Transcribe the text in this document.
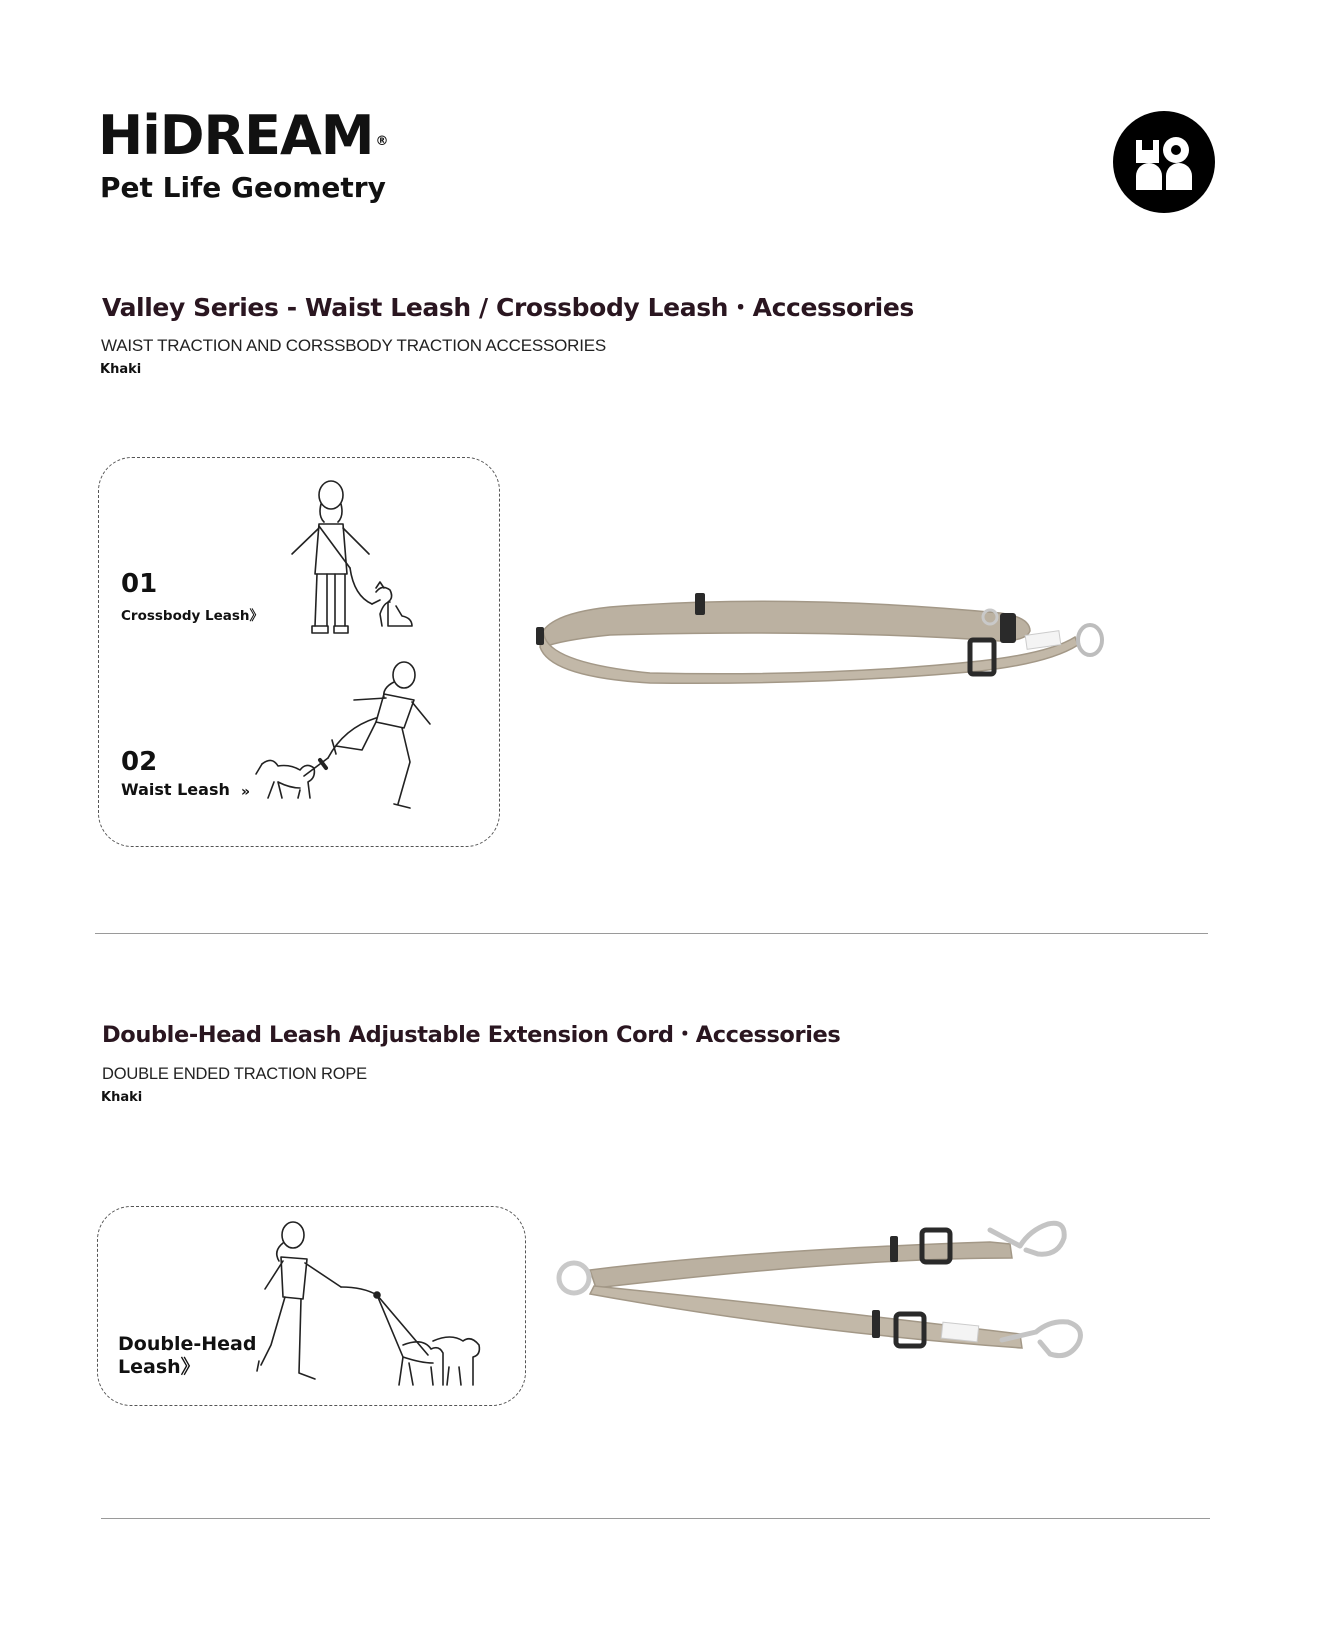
HiDREAM ®
Pet Life Geometry
Valley Series - Waist Leash / Crossbody Leash・Accessories
WAIST TRACTION AND CORSSBODY TRACTION ACCESSORIES
Khaki
01
Crossbody Leash》
02
Waist Leash »
Double-Head Leash Adjustable Extension Cord・Accessories
DOUBLE ENDED TRACTION ROPE
Khaki
Double-Head
Leash》
